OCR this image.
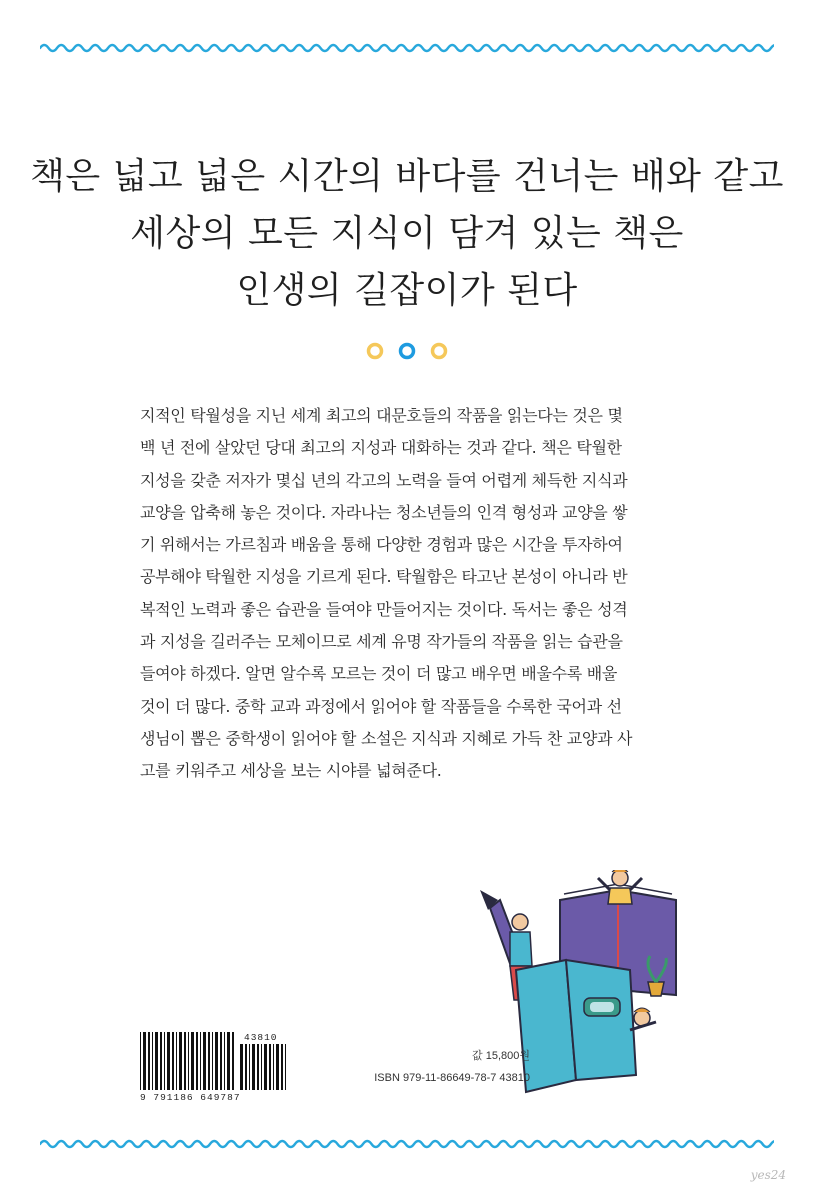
책은 넓고 넓은 시간의 바다를 건너는 배와 같고
세상의 모든 지식이 담겨 있는 책은
인생의 길잡이가 된다
지적인 탁월성을 지닌 세계 최고의 대문호들의 작품을 읽는다는 것은 몇
백 년 전에 살았던 당대 최고의 지성과 대화하는 것과 같다. 책은 탁월한
지성을 갖춘 저자가 몇십 년의 각고의 노력을 들여 어렵게 체득한 지식과
교양을 압축해 놓은 것이다. 자라나는 청소년들의 인격 형성과 교양을 쌓
기 위해서는 가르침과 배움을 통해 다양한 경험과 많은 시간을 투자하여
공부해야 탁월한 지성을 기르게 된다. 탁월함은 타고난 본성이 아니라 반
복적인 노력과 좋은 습관을 들여야 만들어지는 것이다. 독서는 좋은 성격
과 지성을 길러주는 모체이므로 세계 유명 작가들의 작품을 읽는 습관을
들여야 하겠다. 알면 알수록 모르는 것이 더 많고 배우면 배울수록 배울
것이 더 많다. 중학 교과 과정에서 읽어야 할 작품들을 수록한 국어과 선
생님이 뽑은 중학생이 읽어야 할 소설은 지식과 지혜로 가득 찬 교양과 사
고를 키워주고 세상을 보는 시야를 넓혀준다.
9 791186 649787
43810
값 15,800원
ISBN 979-11-86649-78-7 43810
yes24
